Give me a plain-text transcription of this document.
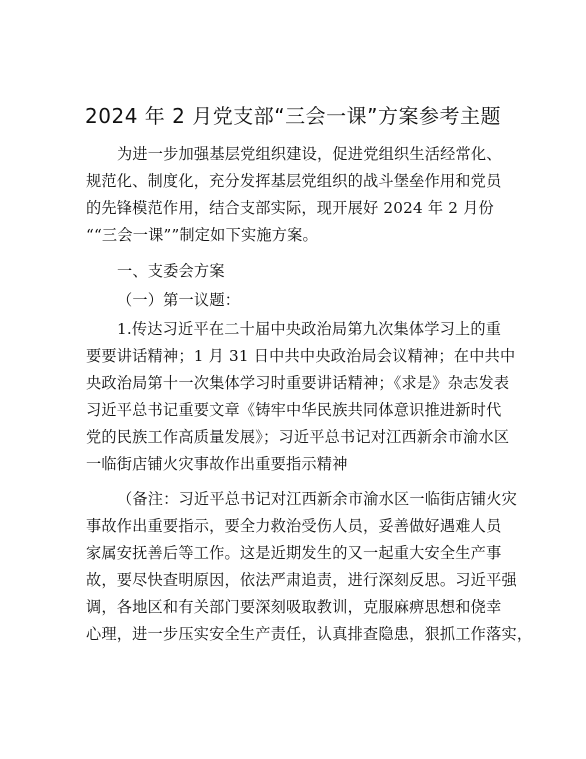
2024 年 2 月党支部“三会一课”方案参考主题
为进一步加强基层党组织建设，促进党组织生活经常化、
规范化、制度化，充分发挥基层党组织的战斗堡垒作用和党员
的先锋模范作用，结合支部实际，现开展好 2024 年 2 月份
““三会一课””制定如下实施方案。
一、支委会方案
（一）第一议题：
1.传达习近平在二十届中央政治局第九次集体学习上的重
要要讲话精神；1 月 31 日中共中央政治局会议精神；在中共中
央政治局第十一次集体学习时重要讲话精神；《求是》杂志发表
习近平总书记重要文章《铸牢中华民族共同体意识推进新时代
党的民族工作高质量发展》；习近平总书记对江西新余市渝水区
一临街店铺火灾事故作出重要指示精神
（备注：习近平总书记对江西新余市渝水区一临街店铺火灾
事故作出重要指示，要全力救治受伤人员，妥善做好遇难人员
家属安抚善后等工作。这是近期发生的又一起重大安全生产事
故，要尽快查明原因，依法严肃追责，进行深刻反思。习近平强
调，各地区和有关部门要深刻吸取教训，克服麻痹思想和侥幸
心理，进一步压实安全生产责任，认真排查隐患，狠抓工作落实，
